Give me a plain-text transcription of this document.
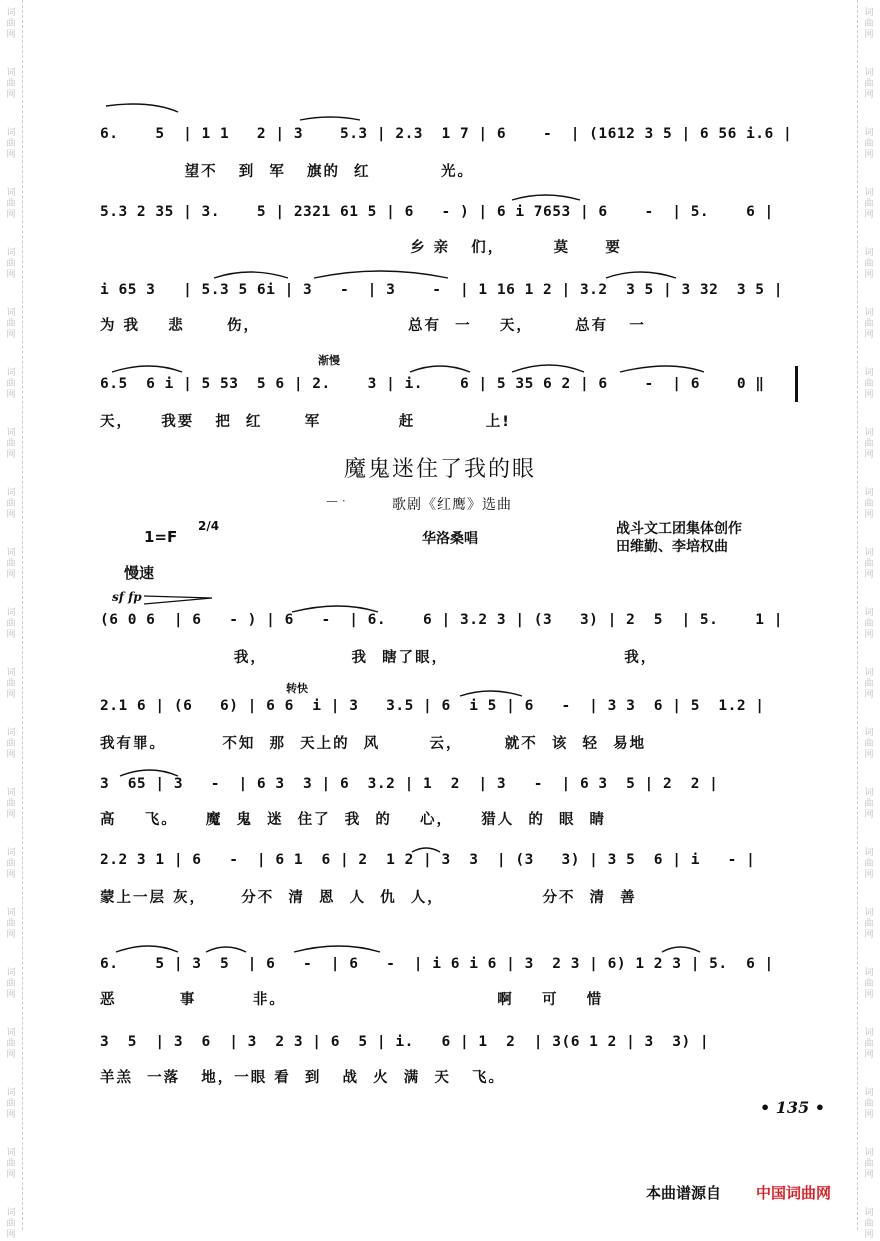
词
曲
网
词
曲
网
词
曲
网
词
曲
网
词
曲
网
词
曲
网
词
曲
网
词
曲
网
词
曲
网
词
曲
网
词
曲
网
词
曲
网
词
曲
网
词
曲
网
词
曲
网
词
曲
网
词
曲
网
词
曲
网
词
曲
网
词
曲
网
词
曲
网
词
曲
网
词
曲
网
词
曲
网
词
曲
网
词
曲
网
词
曲
网
词
曲
网
词
曲
网
词
曲
网
词
曲
网
词
曲
网
词
曲
网
词
曲
网
词
曲
网
词
曲
网
词
曲
网
词
曲
网
词
曲
网
词
曲
网
词
曲
网
词
曲
网
6.    5  | 1 1   2 | 3    5.3 | 2.3  1 7 | 6    -  | (1612 3 5 | 6 56 i.6 |
望不   到  军   旗的  红          光。
5.3 2 35 | 3.    5 | 2321 61 5 | 6   - ) | 6 i 7653 | 6    -  | 5.    6 |
乡 亲   们，       莫     要
i 65 3   | 5.3 5 6i | 3   -  | 3    -  | 1 16 1 2 | 3.2  3 5 | 3 32  3 5 |
为 我    悲      伤，                     总有  一    天，      总有   一
渐慢
6.5  6 i | 5 53  5 6 | 2.    3 | i.    6 | 5 35 6 2 | 6    -  | 6    0 ‖
天，    我要   把  红      军           赶          上!
魔鬼迷住了我的眼
— ·	歌剧《红鹰》选曲
1=F
2/4
华洛桑唱
战斗文工团集体创作
田维勤、李培权曲
慢速
sf fp
转快
(6 0 6  | 6   - ) | 6   -  | 6.    6 | 3.2 3 | (3   3) | 2  5  | 5.    1 |
我，            我  瞎了眼，                         我，
2.1 6 | (6   6) | 6 6  i | 3   3.5 | 6  i 5 | 6   -  | 3 3  6 | 5  1.2 |
我有罪。        不知  那  天上的  风       云，      就不  该  轻  易地
3  65 | 3   -  | 6 3  3 | 6  3.2 | 1  2  | 3   -  | 6 3  5 | 2  2 |
高    飞。    魔  鬼  迷  住了  我  的    心，    猎人  的  眼  睛
2.2 3 1 | 6   -  | 6 1  6 | 2  1 2 | 3  3  | (3   3) | 3 5  6 | i   - |
蒙上一层 灰，     分不  清  恩  人  仇  人，              分不  清  善
6.    5 | 3  5  | 6   -  | 6   -  | i 6 i 6 | 3  2 3 | 6) 1 2 3 | 5.  6 |
恶         事        非。                              啊    可    惜
3  5  | 3  6  | 3  2 3 | 6  5 | i.   6 | 1  2  | 3(6 1 2 | 3  3) |
羊羔  一落   地，一眼 看  到   战  火  满  天   飞。
• 135 •
本曲谱源自 中国词曲网
